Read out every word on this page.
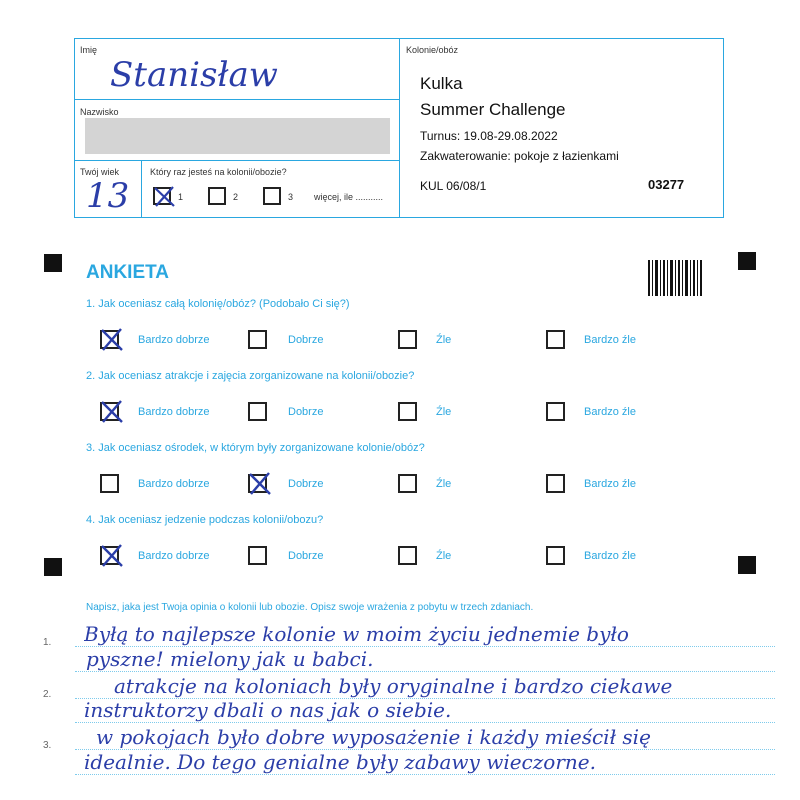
Imię
Stanisław
Nazwisko
Twój wiek
13
Który raz jesteś na kolonii/obozie?
1	2	3 więcej, ile ...........
Kolonie/obóz
Kulka
Summer Challenge
Turnus: 19.08-29.08.2022
Zakwaterowanie: pokoje z łazienkami
KUL 06/08/1	03277
ANKIETA
1. Jak oceniasz całą kolonię/obóz? (Podobało Ci się?)
Bardzo dobrze	Dobrze	Źle	Bardzo źle
2. Jak oceniasz atrakcje i zajęcia zorganizowane na kolonii/obozie?
Bardzo dobrze	Dobrze	Źle	Bardzo źle
3. Jak oceniasz ośrodek, w którym były zorganizowane kolonie/obóz?
Bardzo dobrze	Dobrze	Źle	Bardzo źle
4. Jak oceniasz jedzenie podczas kolonii/obozu?
Bardzo dobrze	Dobrze	Źle	Bardzo źle
Napisz, jaka jest Twoja opinia o kolonii lub obozie. Opisz swoje wrażenia z pobytu w trzech zdaniach.
1.
2.
3.
Byłą to najlepsze kolonie w moim życiu jednemie było
pyszne! mielony jak u babci.
atrakcje na koloniach były oryginalne i bardzo ciekawe
instruktorzy dbali o nas jak o siebie.
w pokojach było dobre wyposażenie i każdy mieścił się
idealnie. Do tego genialne były zabawy wieczorne.
